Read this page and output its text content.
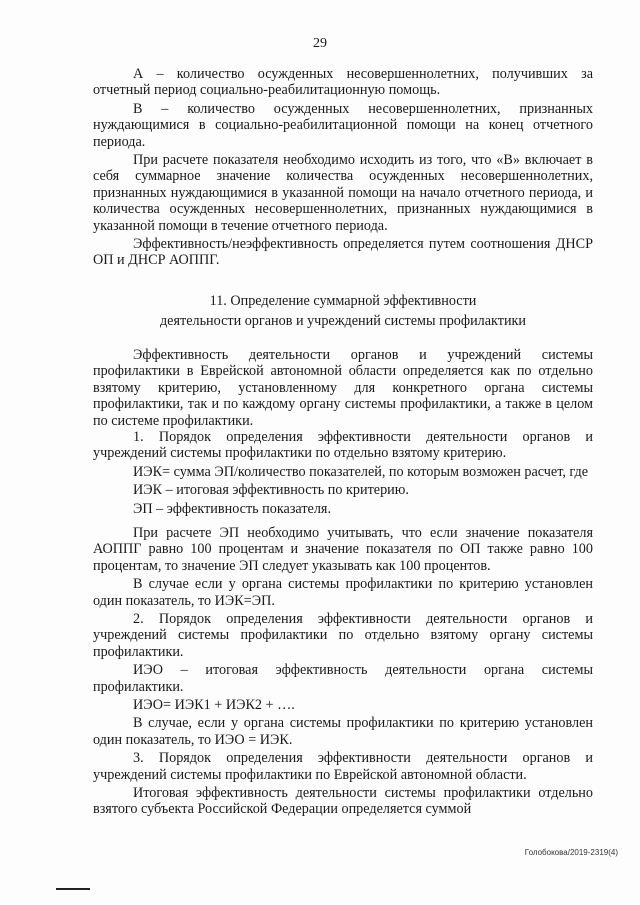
29

А – количество осужденных несовершеннолетних, получивших за отчетный период социально-реабилитационную помощь.

В – количество осужденных несовершеннолетних, признанных нуждающимися в социально-реабилитационной помощи на конец отчетного периода.

При расчете показателя необходимо исходить из того, что «В» включает в себя суммарное значение количества осужденных несовершеннолетних, признанных нуждающимися в указанной помощи на начало отчетного периода, и количества осужденных несовершеннолетних, признанных нуждающимися в указанной помощи в течение отчетного периода.

Эффективность/неэффективность определяется путем соотношения ДНСР ОП и ДНСР АОППГ.

11. Определение суммарной эффективности
деятельности органов и учреждений системы профилактики

Эффективность деятельности органов и учреждений системы профилактики в Еврейской автономной области определяется как по отдельно взятому критерию, установленному для конкретного органа системы профилактики, так и по каждому органу системы профилактики, а также в целом по системе профилактики.

1. Порядок определения эффективности деятельности органов и учреждений системы профилактики по отдельно взятому критерию.

ИЭК= сумма ЭП/количество показателей, по которым возможен расчет, где

ИЭК – итоговая эффективность по критерию.

ЭП – эффективность показателя.

При расчете ЭП необходимо учитывать, что если значение показателя АОППГ равно 100 процентам и значение показателя по ОП также равно 100 процентам, то значение ЭП следует указывать как 100 процентов.

В случае если у органа системы профилактики по критерию установлен один показатель, то ИЭК=ЭП.

2. Порядок определения эффективности деятельности органов и учреждений системы профилактики по отдельно взятому органу системы профилактики.

ИЭО – итоговая эффективность деятельности органа системы профилактики.

ИЭО= ИЭК1 + ИЭК2 + ….

В случае, если у органа системы профилактики по критерию установлен один показатель, то ИЭО = ИЭК.

3. Порядок определения эффективности деятельности органов и учреждений системы профилактики по Еврейской автономной области.

Итоговая эффективность деятельности системы профилактики отдельно взятого субъекта Российской Федерации определяется суммой

Голобокова/2019-2319(4)
